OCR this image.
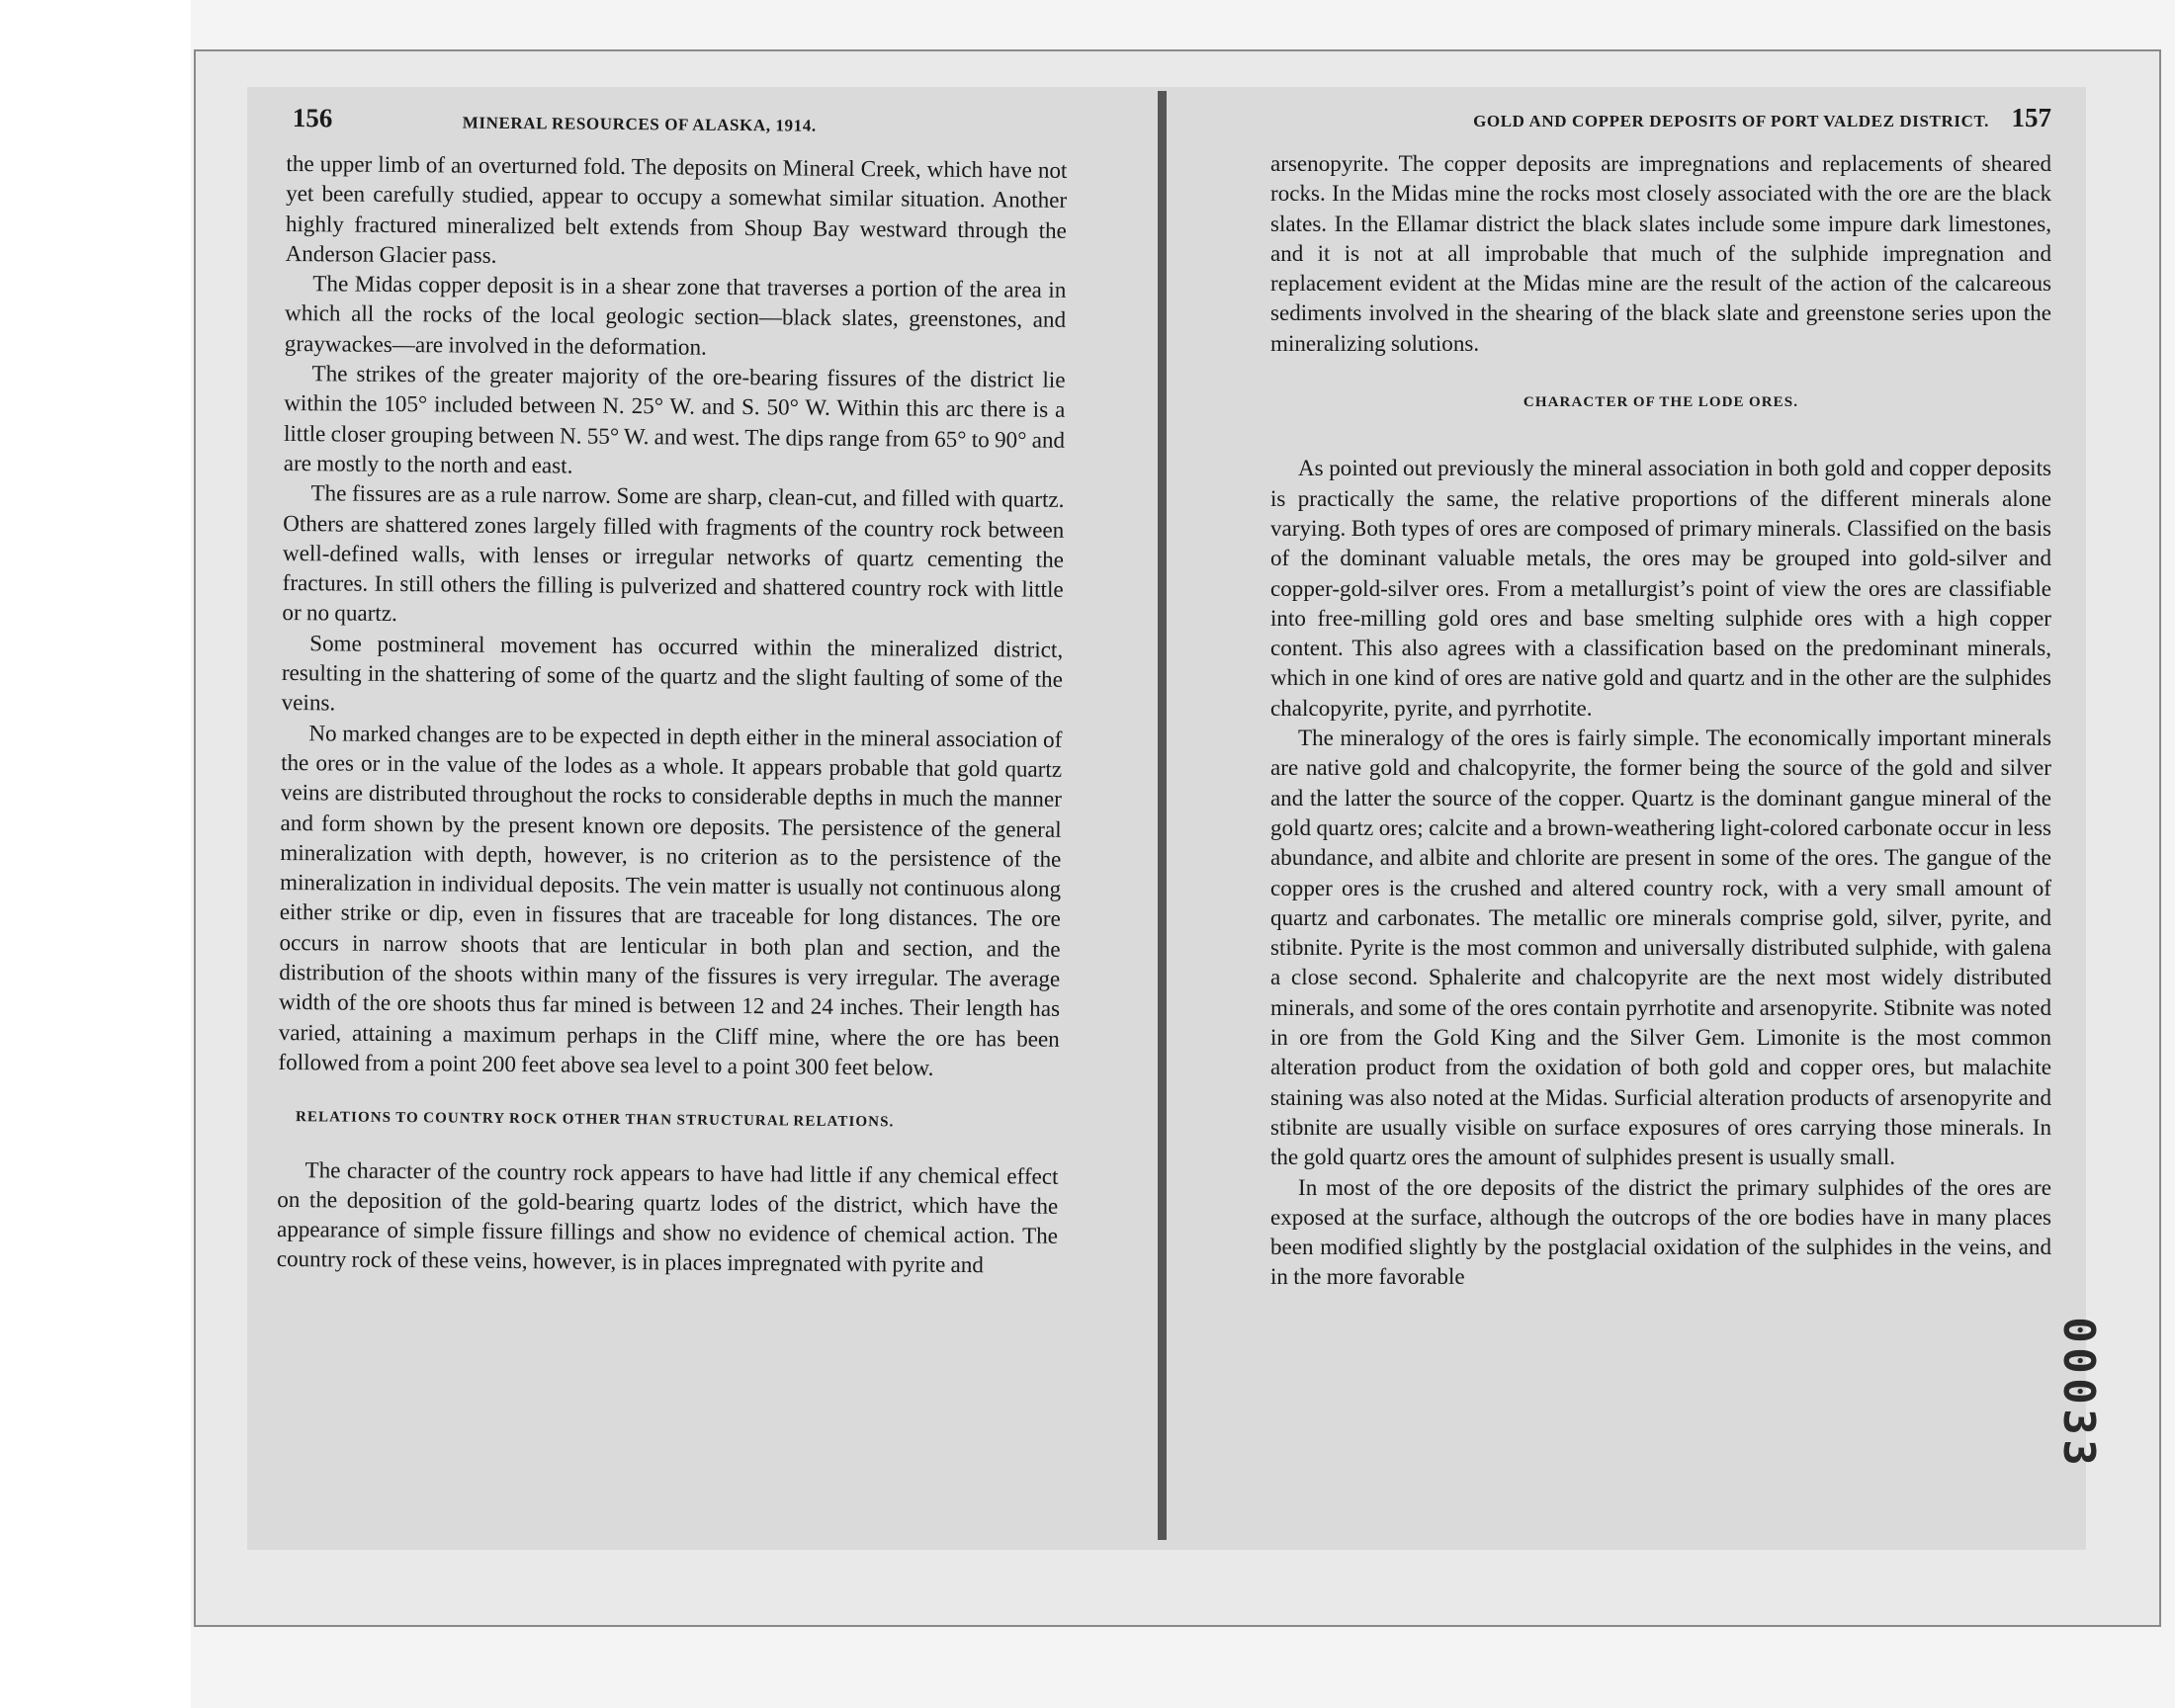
156	MINERAL RESOURCES OF ALASKA, 1914.

the upper limb of an overturned fold. The deposits on Mineral Creek, which have not yet been carefully studied, appear to occupy a somewhat similar situation. Another highly fractured mineralized belt extends from Shoup Bay westward through the Anderson Glacier pass.

The Midas copper deposit is in a shear zone that traverses a portion of the area in which all the rocks of the local geologic section—black slates, greenstones, and graywackes—are involved in the deformation.

The strikes of the greater majority of the ore-bearing fissures of the district lie within the 105° included between N. 25° W. and S. 50° W. Within this arc there is a little closer grouping between N. 55° W. and west. The dips range from 65° to 90° and are mostly to the north and east.

The fissures are as a rule narrow. Some are sharp, clean-cut, and filled with quartz. Others are shattered zones largely filled with fragments of the country rock between well-defined walls, with lenses or irregular networks of quartz cementing the fractures. In still others the filling is pulverized and shattered country rock with little or no quartz.

Some postmineral movement has occurred within the mineralized district, resulting in the shattering of some of the quartz and the slight faulting of some of the veins.

No marked changes are to be expected in depth either in the mineral association of the ores or in the value of the lodes as a whole. It appears probable that gold quartz veins are distributed throughout the rocks to considerable depths in much the manner and form shown by the present known ore deposits. The persistence of the general mineralization with depth, however, is no criterion as to the persistence of the mineralization in individual deposits. The vein matter is usually not continuous along either strike or dip, even in fissures that are traceable for long distances. The ore occurs in narrow shoots that are lenticular in both plan and section, and the distribution of the shoots within many of the fissures is very irregular. The average width of the ore shoots thus far mined is between 12 and 24 inches. Their length has varied, attaining a maximum perhaps in the Cliff mine, where the ore has been followed from a point 200 feet above sea level to a point 300 feet below.

RELATIONS TO COUNTRY ROCK OTHER THAN STRUCTURAL RELATIONS.

The character of the country rock appears to have had little if any chemical effect on the deposition of the gold-bearing quartz lodes of the district, which have the appearance of simple fissure fillings and show no evidence of chemical action. The country rock of these veins, however, is in places impregnated with pyrite and

GOLD AND COPPER DEPOSITS OF PORT VALDEZ DISTRICT. 157

arsenopyrite. The copper deposits are impregnations and replacements of sheared rocks. In the Midas mine the rocks most closely associated with the ore are the black slates. In the Ellamar district the black slates include some impure dark limestones, and it is not at all improbable that much of the sulphide impregnation and replacement evident at the Midas mine are the result of the action of the calcareous sediments involved in the shearing of the black slate and greenstone series upon the mineralizing solutions.

CHARACTER OF THE LODE ORES.

As pointed out previously the mineral association in both gold and copper deposits is practically the same, the relative proportions of the different minerals alone varying. Both types of ores are composed of primary minerals. Classified on the basis of the dominant valuable metals, the ores may be grouped into gold-silver and copper-gold-silver ores. From a metallurgist’s point of view the ores are classifiable into free-milling gold ores and base smelting sulphide ores with a high copper content. This also agrees with a classification based on the predominant minerals, which in one kind of ores are native gold and quartz and in the other are the sulphides chalcopyrite, pyrite, and pyrrhotite.

The mineralogy of the ores is fairly simple. The economically important minerals are native gold and chalcopyrite, the former being the source of the gold and silver and the latter the source of the copper. Quartz is the dominant gangue mineral of the gold quartz ores; calcite and a brown-weathering light-colored carbonate occur in less abundance, and albite and chlorite are present in some of the ores. The gangue of the copper ores is the crushed and altered country rock, with a very small amount of quartz and carbonates. The metallic ore minerals comprise gold, silver, pyrite, and stibnite. Pyrite is the most common and universally distributed sulphide, with galena a close second. Sphalerite and chalcopyrite are the next most widely distributed minerals, and some of the ores contain pyrrhotite and arsenopyrite. Stibnite was noted in ore from the Gold King and the Silver Gem. Limonite is the most common alteration product from the oxidation of both gold and copper ores, but malachite staining was also noted at the Midas. Surficial alteration products of arsenopyrite and stibnite are usually visible on surface exposures of ores carrying those minerals. In the gold quartz ores the amount of sulphides present is usually small.

In most of the ore deposits of the district the primary sulphides of the ores are exposed at the surface, although the outcrops of the ore bodies have in many places been modified slightly by the postglacial oxidation of the sulphides in the veins, and in the more favorable

0
0
0
3
3
